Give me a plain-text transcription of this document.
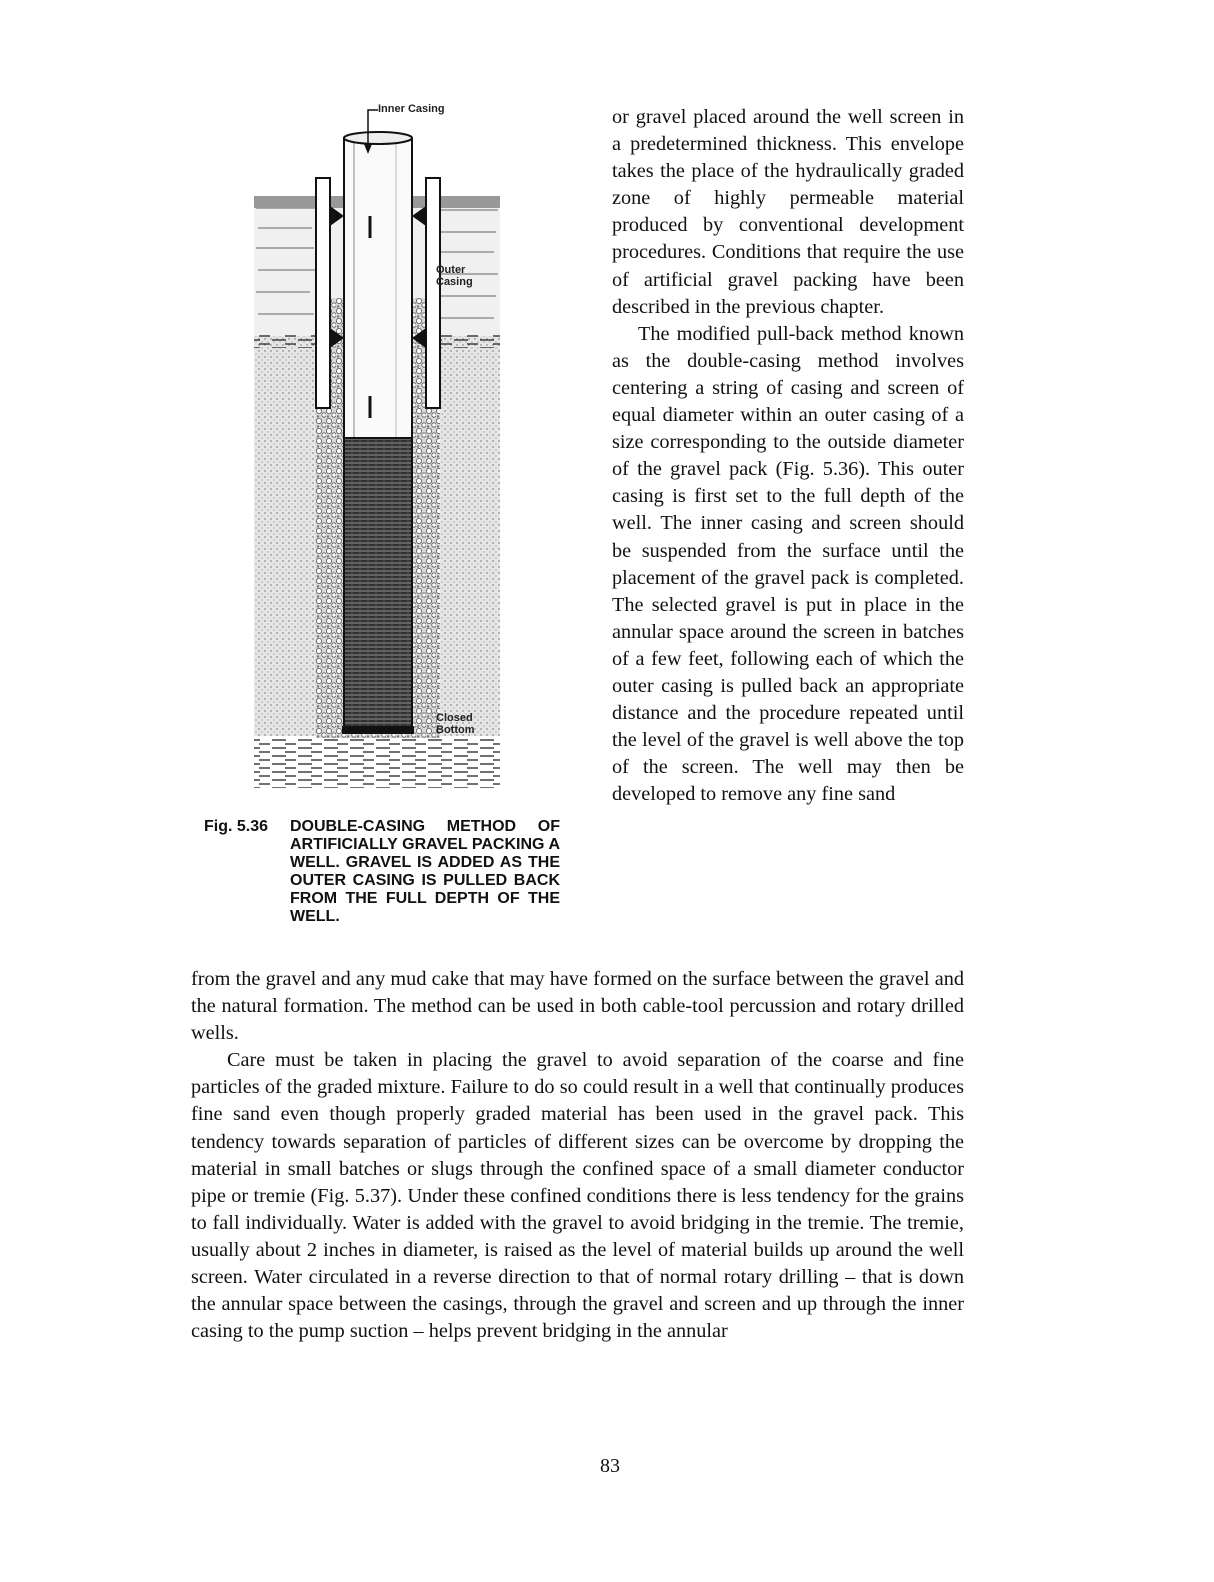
Inner Casing
Outer
Casing
Closed
Bottom
Fig. 5.36 DOUBLE-CASING METHOD OF ARTIFICIALLY GRAVEL PACKING A WELL. GRAVEL IS ADDED AS THE OUTER CASING IS PULLED BACK FROM THE FULL DEPTH OF THE WELL.

or gravel placed around the well screen in a predetermined thickness. This envelope takes the place of the hydraulically graded zone of highly permeable material produced by conventional development procedures. Conditions that require the use of artificial gravel packing have been described in the previous chapter.

The modified pull-back method known as the double-casing method involves centering a string of casing and screen of equal diameter within an outer casing of a size corresponding to the outside diameter of the gravel pack (Fig. 5.36). This outer casing is first set to the full depth of the well. The inner casing and screen should be suspended from the surface until the placement of the gravel pack is completed. The selected gravel is put in place in the annular space around the screen in batches of a few feet, following each of which the outer casing is pulled back an appropriate distance and the procedure repeated until the level of the gravel is well above the top of the screen. The well may then be developed to remove any fine sand

from the gravel and any mud cake that may have formed on the surface between the gravel and the natural formation. The method can be used in both cable-tool percussion and rotary drilled wells.

Care must be taken in placing the gravel to avoid separation of the coarse and fine particles of the graded mixture. Failure to do so could result in a well that continually produces fine sand even though properly graded material has been used in the gravel pack. This tendency towards separation of particles of different sizes can be overcome by dropping the material in small batches or slugs through the confined space of a small diameter conductor pipe or tremie (Fig. 5.37). Under these confined conditions there is less tendency for the grains to fall individually. Water is added with the gravel to avoid bridging in the tremie. The tremie, usually about 2 inches in diameter, is raised as the level of material builds up around the well screen. Water circulated in a reverse direction to that of normal rotary drilling – that is down the annular space between the casings, through the gravel and screen and up through the inner casing to the pump suction – helps prevent bridging in the annular

83
